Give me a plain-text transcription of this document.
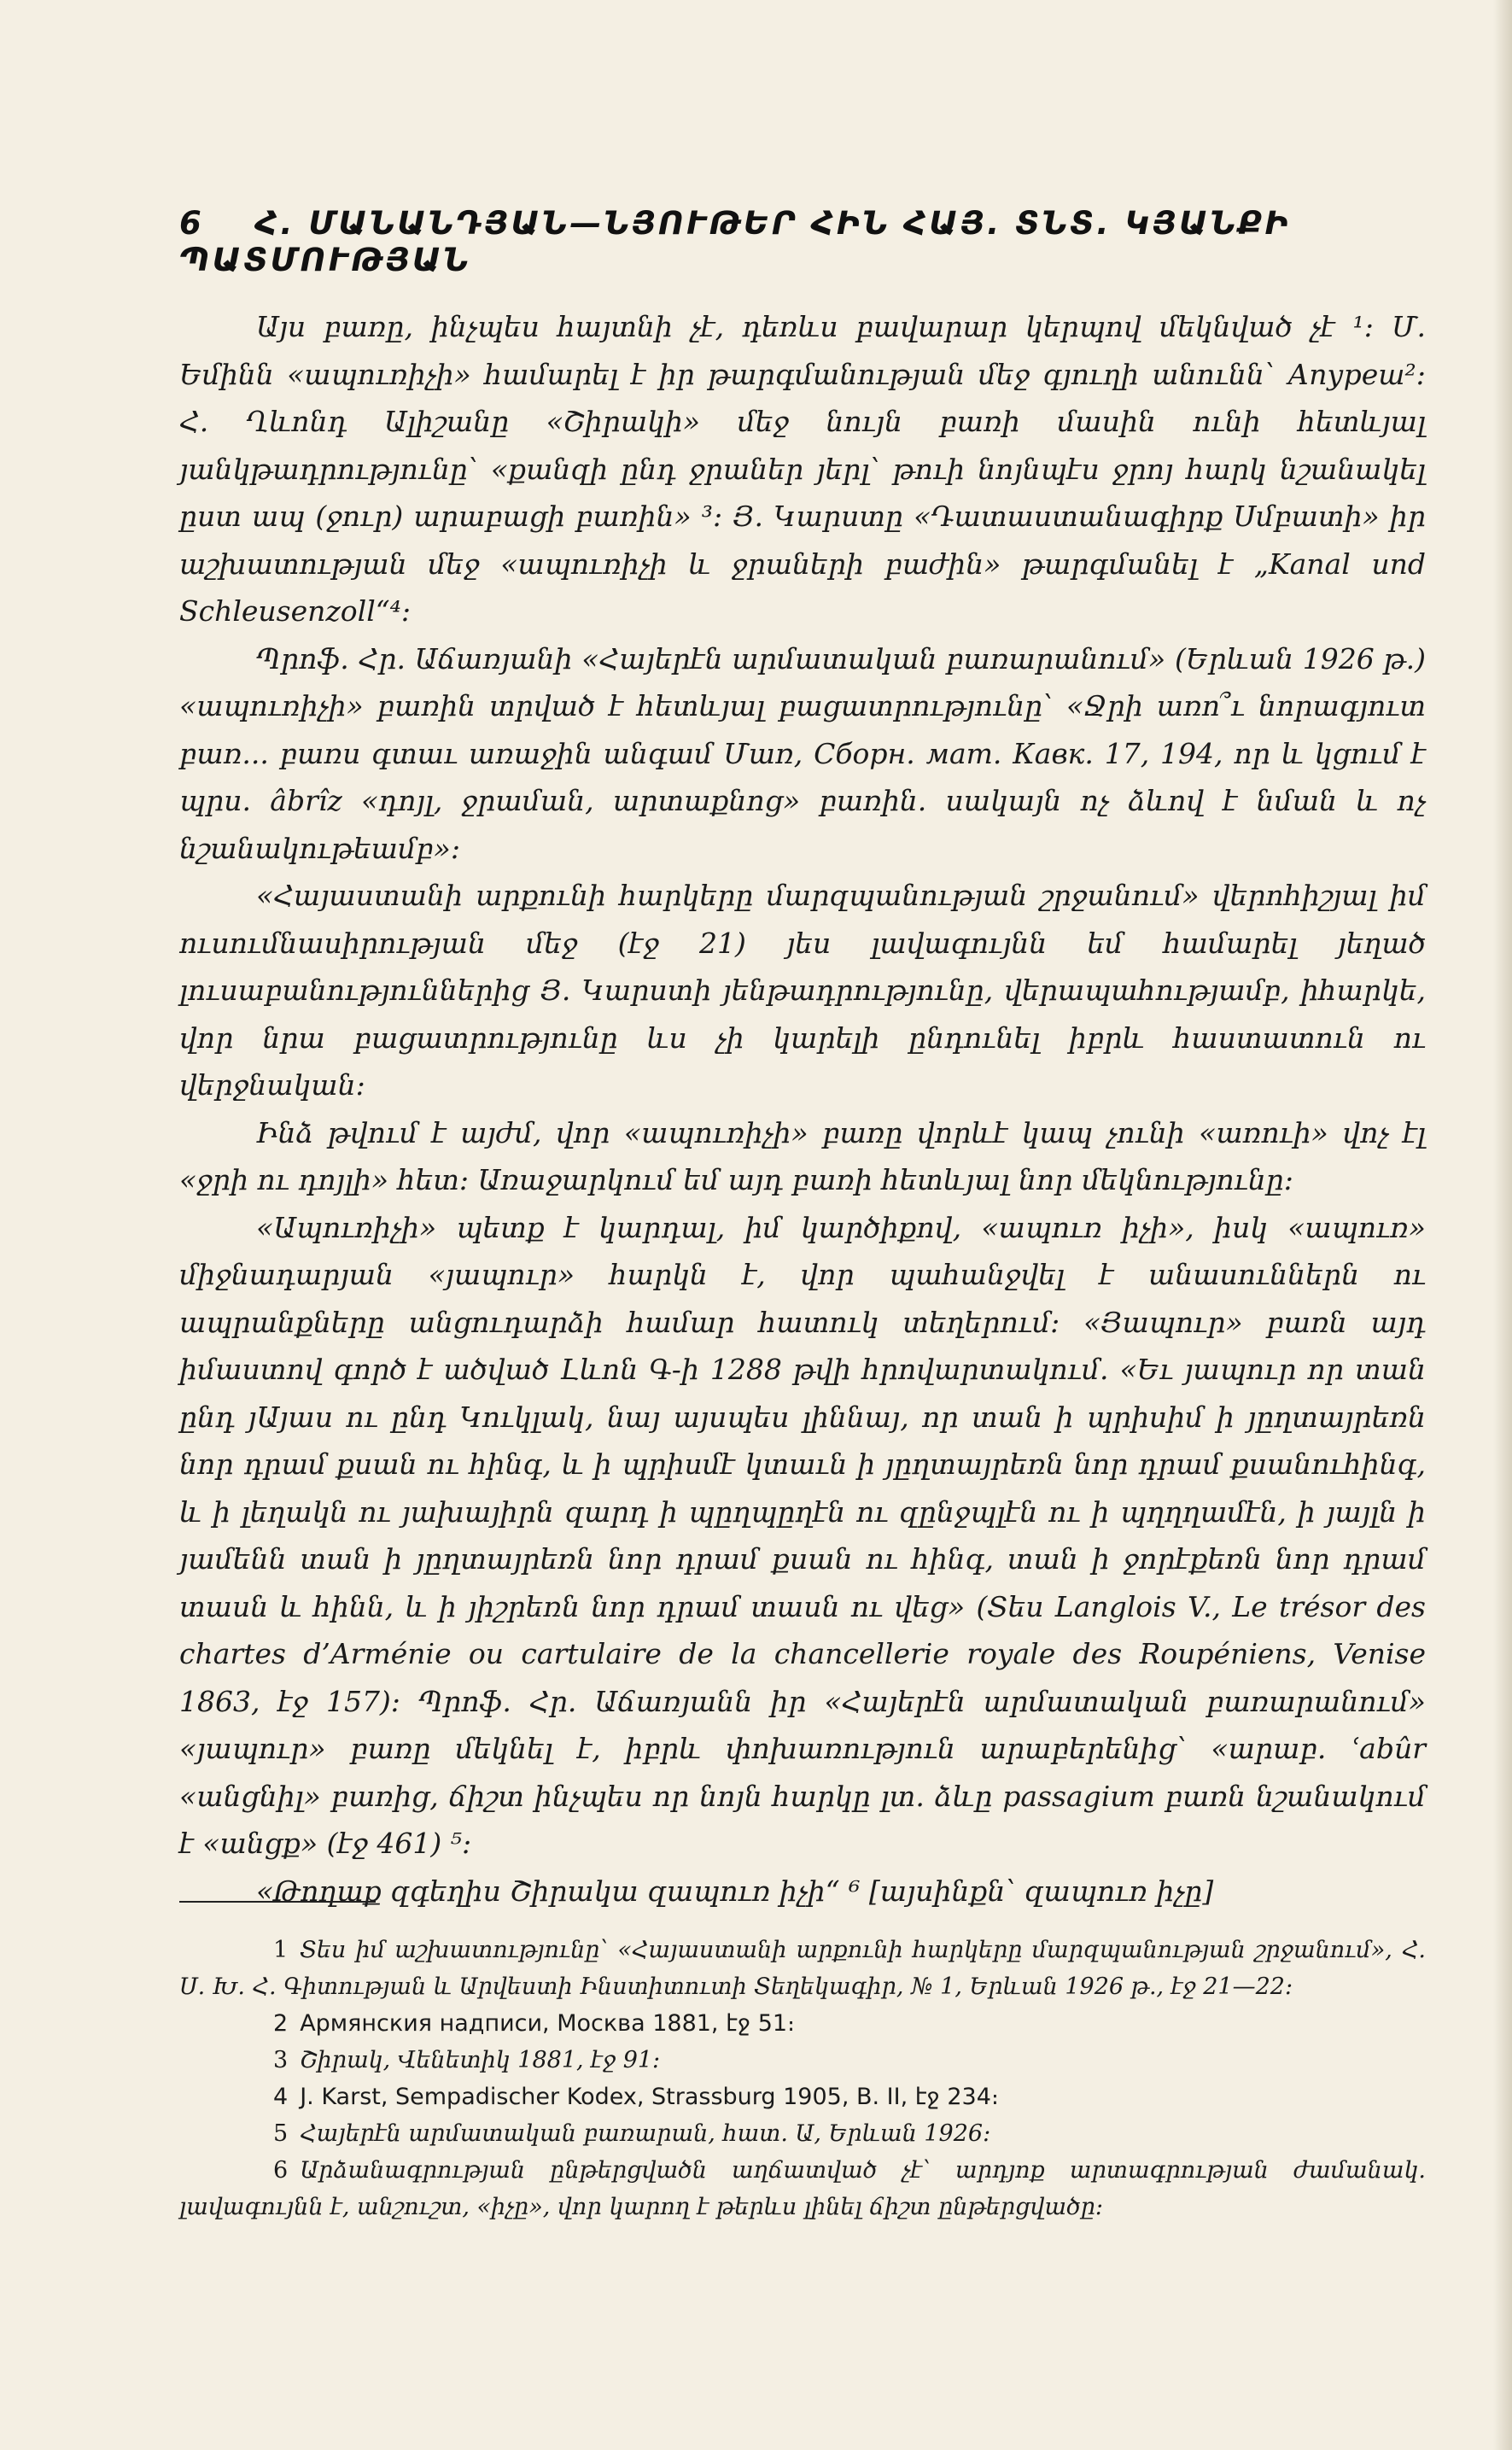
6 Հ. ՄԱՆԱՆԴՅԱՆ—ՆՅՈՒԹԵՐ ՀԻՆ ՀԱՅ. ՏՆՏ. ԿՅԱՆՔԻ ՊԱՏՄՈՒԹՅԱՆ

Այս բառը, ինչպես հայտնի չէ, դեռևս բավարար կերպով մեկնված չէ ¹։ Մ. Եմինն «ապուռիչի» համարել է իր թարգմանության մեջ գյուղի անունն՝ Апуреш²։ Հ. Ղևոնդ Ալիշանը «Շիրակի» մեջ նույն բառի մասին ունի հետևյալ յանկթադրությունը՝ «քանզի ընդ ջրաներ յերլ՝ թուի նոյնպէս ջրոյ հարկ նշանակել ըստ ապ (ջուր) արաբացի բառին» ³։ Յ. Կարստը «Դատաստանագիրք Սմբատի» իր աշխատության մեջ «ապուռիչի և ջրաների բաժին» թարգմանել է „Kanal und Schleusenzoll“⁴։

Պրոֆ. Հր. Աճառյանի «Հայերէն արմատական բառարանում» (Երևան 1926 թ.) «ապուռիչի» բառին տրված է հետևյալ բացատրությունը՝ «Ջրի առո՞ւ նորագյուտ բառ... բառս գտաւ առաջին անգամ Մառ, Сборн. мат. Кавк. 17, 194, որ և կցում է պրս. âbrîz «դոյլ, ջրաման, արտաքնոց» բառին. սակայն ոչ ձևով է նման և ոչ նշանակութեամբ»։

«Հայաստանի արքունի հարկերը մարզպանության շրջանում» վերոհիշյալ իմ ուսումնասիրության մեջ (էջ 21) յես լավագույնն եմ համարել յեղած լուսաբանություններից Յ. Կարստի յենթադրությունը, վերապահությամբ, իհարկե, վոր նրա բացատրությունը ևս չի կարելի ընդունել իբրև հաստատուն ու վերջնական։

Ինձ թվում է այժմ, վոր «ապուռիչի» բառը վորևէ կապ չունի «առուի» վոչ էլ «ջրի ու դոյլի» հետ։ Առաջարկում եմ այդ բառի հետևյալ նոր մեկնությունը։

«Ապուռիչի» պետք է կարդալ, իմ կարծիքով, «ապուռ իչի», իսկ «ապուռ» միջնադարյան «յապուր» հարկն է, վոր պահանջվել է անասուններն ու ապրանքները անցուդարձի համար հատուկ տեղերում։ «Յապուր» բառն այդ իմաստով գործ է ածված Լևոն Գ-ի 1288 թվի հրովարտակում. «Եւ յապուր որ տան ընդ յԱյաս ու ընդ Կուկլակ, նայ այսպես լիննայ, որ տան ի պրիսիմ ի յըղտայրեռն նոր դրամ քսան ու հինգ, և ի պրիսմէ կտաւն ի յըղտայրեռն նոր դրամ քսանուհինգ, և ի լեղակն ու յախայիրն զարդ ի պըղպըղէն ու զընջպլէն ու ի պղղղամէն, ի յայլն ի յամենն տան ի յըղտայրեռն նոր դրամ քսան ու հինգ, տան ի ջորէքեռն նոր դրամ տասն և հինն, և ի յիշրեռն նոր դրամ տասն ու վեց» (Տես Langlois V., Le trésor des chartes d’Arménie ou cartulaire de la chancellerie royale des Roupéniens, Venise 1863, էջ 157)։ Պրոֆ. Հր. Աճառյանն իր «Հայերէն արմատական բառարանում» «յապուր» բառը մեկնել է, իբրև փոխառություն արաբերենից՝ «արաբ. ʿabûr «անցնիլ» բառից, ճիշտ ինչպես որ նոյն հարկը լտ. ձևը passagium բառն նշանակում է «անցք» (էջ 461) ⁵։

«Թողաք զգեղիս Շիրակա զապուռ իչի“ ⁶ [այսինքն՝ զապուռ իչը]

1 Տես իմ աշխատությունը՝ «Հայաստանի արքունի հարկերը մարզպանության շրջանում», Հ. Ս. Խ. Հ. Գիտության և Արվեստի Ինստիտուտի Տեղեկագիր, № 1, Երևան 1926 թ., էջ 21—22։

2 Армянския надписи, Москва 1881, էջ 51։

3 Շիրակ, Վենետիկ 1881, էջ 91։

4 J. Karst, Sempadischer Kodex, Strassburg 1905, B. II, էջ 234։

5 Հայերէն արմատական բառարան, հատ. Ա, Երևան 1926։

6 Արձանագրության ընթերցվածն աղճատված չէ՝ արդյոք արտագրության ժամանակ. լավագույնն է, անշուշտ, «իչը», վոր կարող է թերևս լինել ճիշտ ընթերցվածը։
